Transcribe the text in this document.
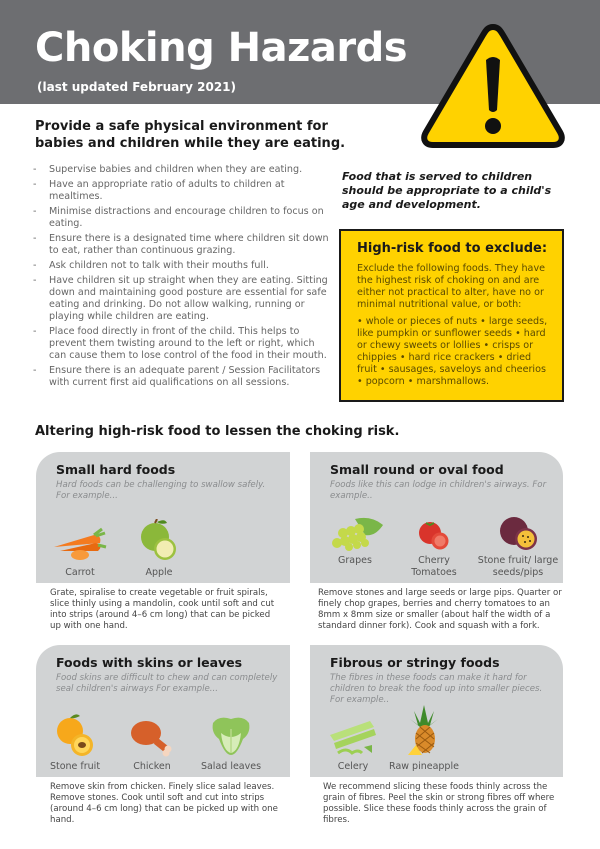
Choking Hazards
(last updated February 2021)
Provide a safe physical environment for babies and children while they are eating.
- Supervise babies and children when they are eating.
- Have an appropriate ratio of adults to children at mealtimes.
- Minimise distractions and encourage children to focus on eating.
- Ensure there is a designated time where children sit down to eat, rather than continuous grazing.
- Ask children not to talk with their mouths full.
- Have children sit up straight when they are eating. Sitting down and maintaining good posture are essential for safe eating and drinking. Do not allow walking, running or playing while children are eating.
- Place food directly in front of the child. This helps to prevent them twisting around to the left or right, which can cause them to lose control of the food in their mouth.
- Ensure there is an adequate parent / Session Facilitators with current first aid qualifications on all sessions.
Food that is served to children should be appropriate to a child's age and development.
High-risk food to exclude:

Exclude the following foods. They have the highest risk of choking on and are either not practical to alter, have no or minimal nutritional value, or both:

• whole or pieces of nuts • large seeds, like pumpkin or sunflower seeds • hard or chewy sweets or lollies • crisps or chippies • hard rice crackers • dried fruit • sausages, saveloys and cheerios • popcorn • marshmallows.

Altering high-risk food to lessen the choking risk.
Small hard foods
Hard foods can be challenging to swallow safely. For example...
Carrot	Apple
Grate, spiralise to create vegetable or fruit spirals, slice thinly using a mandolin, cook until soft and cut into strips (around 4–6 cm long) that can be picked up with one hand.
Small round or oval food
Foods like this can lodge in children's airways. For example..
Grapes	Cherry Tomatoes
Stone fruit/ large seeds/pips
Remove stones and large seeds or large pips. Quarter or finely chop grapes, berries and cherry tomatoes to an 8mm x 8mm size or smaller (about half the width of a standard dinner fork). Cook and squash with a fork.
Foods with skins or leaves
Food skins are difficult to chew and can completely seal children's airways For example...
Stone fruit	Chicken	Salad leaves
Remove skin from chicken. Finely slice salad leaves. Remove stones. Cook until soft and cut into strips (around 4–6 cm long) that can be picked up with one hand.
Fibrous or stringy foods
The fibres in these foods can make it hard for children to break the food up into smaller pieces. For example..
Celery	Raw pineapple
We recommend slicing these foods thinly across the grain of fibres. Peel the skin or strong fibres off where possible. Slice these foods thinly across the grain of fibres.
